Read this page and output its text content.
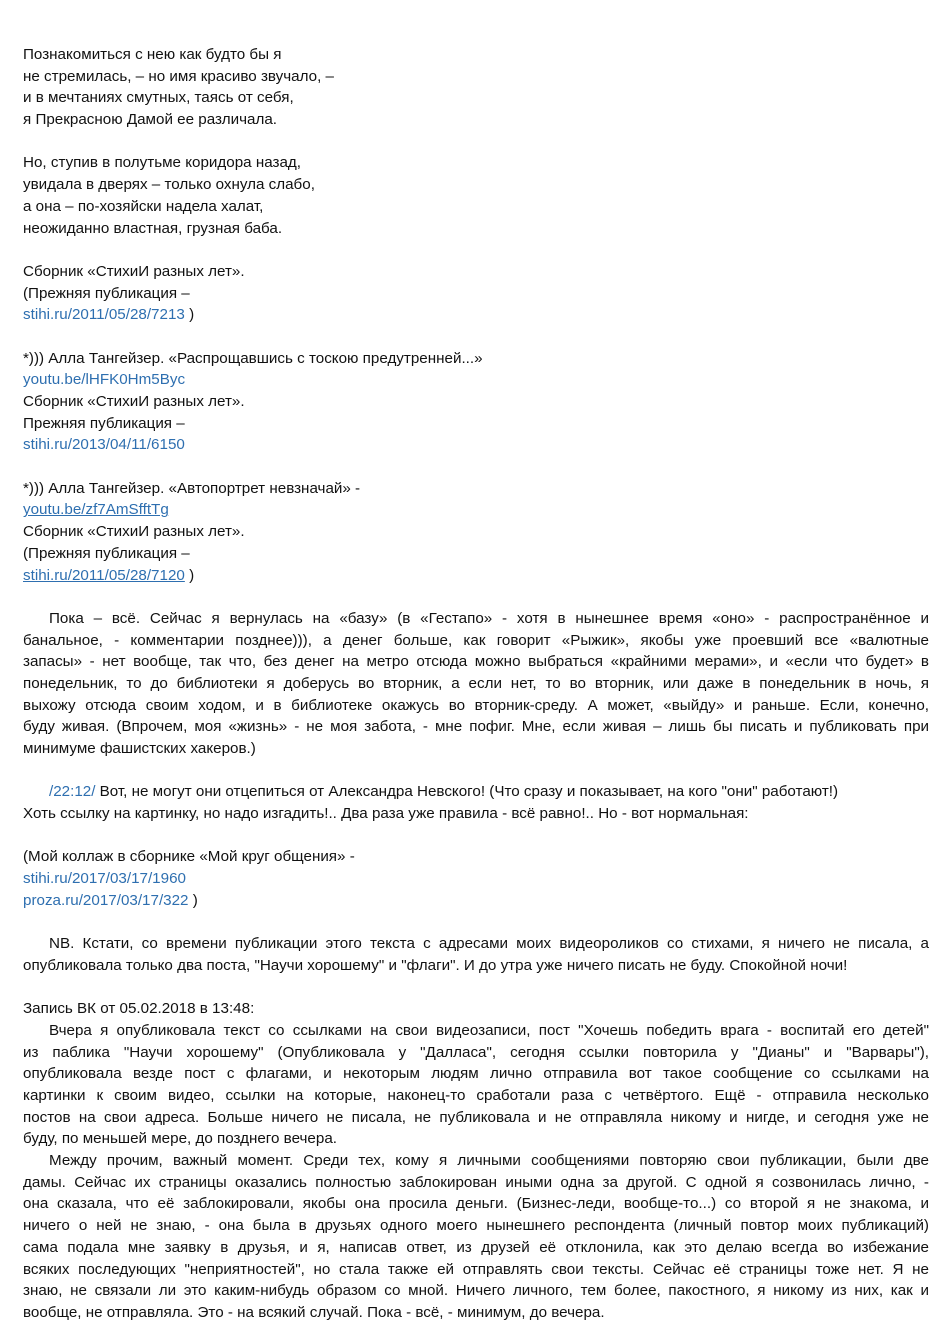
Познакомиться с нею как будто бы я
не стремилась, – но имя красиво звучало, –
и в мечтаниях смутных, таясь от себя,
я Прекрасною Дамой ее различала.
Но, ступив в полутьме коридора назад,
увидала в дверях – только охнула слабо,
а она – по-хозяйски надела халат,
неожиданно властная, грузная баба.
Сборник «СтихиИ разных лет».
(Прежняя публикация –
stihi.ru/2011/05/28/7213 )
*))) Алла Тангейзер. «Распрощавшись с тоскою предутренней...»
youtu.be/lHFK0Hm5Byc
Сборник «СтихиИ разных лет».
Прежняя публикация –
stihi.ru/2013/04/11/6150
*))) Алла Тангейзер. «Автопортрет невзначай» -
youtu.be/zf7AmSfftTg
Сборник «СтихиИ разных лет».
(Прежняя публикация –
stihi.ru/2011/05/28/7120 )
Пока – всё. Сейчас я вернулась на «базу» (в «Гестапо» - хотя в нынешнее время «оно» - распространённое и
банальное, - комментарии позднее))), а денег больше, как говорит «Рыжик», якобы уже проевший все «валютные
запасы» - нет вообще, так что, без денег на метро отсюда можно выбраться «крайними мерами», и «если что будет» в
понедельник, то до библиотеки я доберусь во вторник, а если нет, то во вторник, или даже в понедельник в ночь, я
выхожу отсюда своим ходом, и в библиотеке окажусь во вторник-среду. А может, «выйду» и раньше. Если, конечно,
буду живая. (Впрочем, моя «жизнь» - не моя забота, - мне пофиг. Мне, если живая – лишь бы писать и публиковать при
минимуме фашистских хакеров.)
/22:12/ Вот, не могут они отцепиться от Александра Невского! (Что сразу и показывает, на кого "они" работают!)
Хоть ссылку на картинку, но надо изгадить!.. Два раза уже правила - всё равно!.. Но - вот нормальная:
(Мой коллаж в сборнике «Мой круг общения» -
stihi.ru/2017/03/17/1960
proza.ru/2017/03/17/322 )
NB. Кстати, со времени публикации этого текста с адресами моих видеороликов со стихами, я ничего не писала, а
опубликовала только два поста, "Научи хорошему" и "флаги". И до утра уже ничего писать не буду. Спокойной ночи!
Запись ВК от 05.02.2018 в 13:48:
Вчера я опубликовала текст со ссылками на свои видеозаписи, пост "Хочешь победить врага - воспитай его детей"
из паблика "Научи хорошему" (Опубликовала у "Далласа", сегодня ссылки повторила у "Дианы" и "Варвары"),
опубликовала везде пост с флагами, и некоторым людям лично отправила вот такое сообщение со ссылками на
картинки к своим видео, ссылки на которые, наконец-то сработали раза с четвёртого. Ещё - отправила несколько
постов на свои адреса. Больше ничего не писала, не публиковала и не отправляла никому и нигде, и сегодня уже не
буду, по меньшей мере, до позднего вечера.
Между прочим, важный момент. Среди тех, кому я личными сообщениями повторяю свои публикации, были две
дамы. Сейчас их страницы оказались полностью заблокирован иными одна за другой. С одной я созвонилась лично, -
она сказала, что её заблокировали, якобы она просила деньги. (Бизнес-леди, вообще-то...) со второй я не знакома, и
ничего о ней не знаю, - она была в друзьях одного моего нынешнего респондента (личный повтор моих публикаций)
сама подала мне заявку в друзья, и я, написав ответ, из друзей её отклонила, как это делаю всегда во избежание
всяких последующих "неприятностей", но стала также ей отправлять свои тексты. Сейчас её страницы тоже нет. Я не
знаю, не связали ли это каким-нибудь образом со мной. Ничего личного, тем более, пакостного, я никому из них, как и
вообще, не отправляла. Это - на всякий случай. Пока - всё, - минимум, до вечера.
